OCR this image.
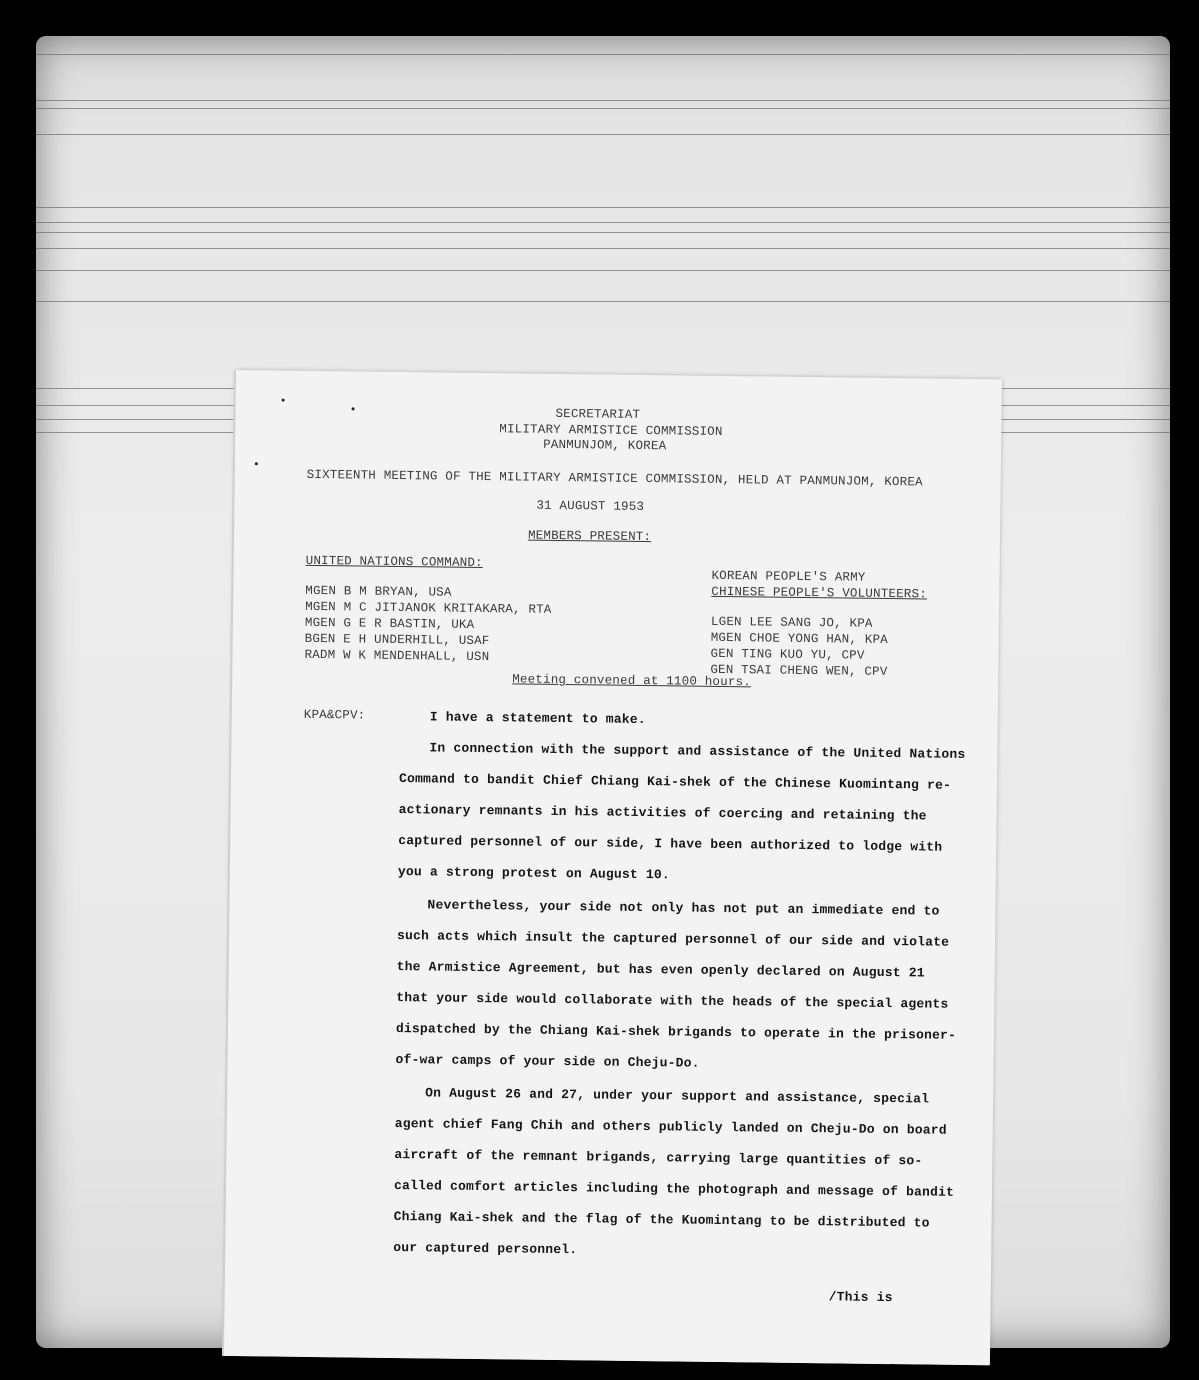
SECRETARIAT
MILITARY ARMISTICE COMMISSION
PANMUNJOM, KOREA
SIXTEENTH MEETING OF THE MILITARY ARMISTICE COMMISSION, HELD AT PANMUNJOM, KOREA
31 AUGUST 1953
MEMBERS PRESENT:
UNITED NATIONS COMMAND:
MGEN B M BRYAN, USA
MGEN M C JITJANOK KRITAKARA, RTA
MGEN G E R BASTIN, UKA
BGEN E H UNDERHILL, USAF
RADM W K MENDENHALL, USN
KOREAN PEOPLE'S ARMY
CHINESE PEOPLE'S VOLUNTEERS:
LGEN LEE SANG JO, KPA
MGEN CHOE YONG HAN, KPA
GEN TING KUO YU, CPV
GEN TSAI CHENG WEN, CPV
Meeting convened at 1100 hours.
KPA&CPV:	I have a statement to make.
In connection with the support and assistance of the United Nations
Command to bandit Chief Chiang Kai-shek of the Chinese Kuomintang re-
actionary remnants in his activities of coercing and retaining the
captured personnel of our side, I have been authorized to lodge with
you a strong protest on August 10.
Nevertheless, your side not only has not put an immediate end to
such acts which insult the captured personnel of our side and violate
the Armistice Agreement, but has even openly declared on August 21
that your side would collaborate with the heads of the special agents
dispatched by the Chiang Kai-shek brigands to operate in the prisoner-
of-war camps of your side on Cheju-Do.
On August 26 and 27, under your support and assistance, special
agent chief Fang Chih and others publicly landed on Cheju-Do on board
aircraft of the remnant brigands, carrying large quantities of so-
called comfort articles including the photograph and message of bandit
Chiang Kai-shek and the flag of the Kuomintang to be distributed to
our captured personnel.
/This is
